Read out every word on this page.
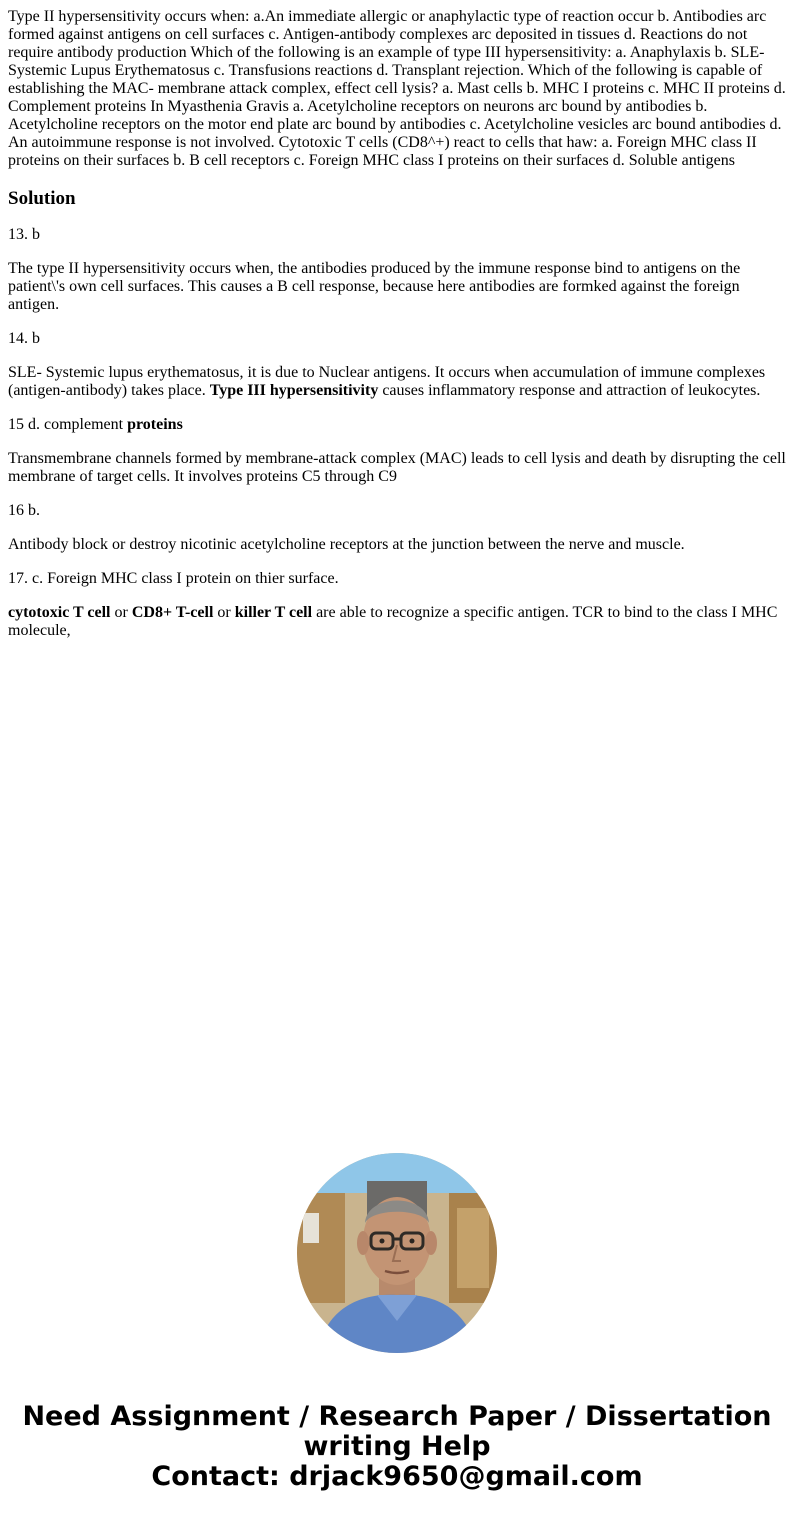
Type II hypersensitivity occurs when: a.An immediate allergic or anaphylactic type of reaction occur b. Antibodies arc formed against antigens on cell surfaces c. Antigen-antibody complexes arc deposited in tissues d. Reactions do not require antibody production Which of the following is an example of type III hypersensitivity: a. Anaphylaxis b. SLE-Systemic Lupus Erythematosus c. Transfusions reactions d. Transplant rejection. Which of the following is capable of establishing the MAC- membrane attack complex, effect cell lysis? a. Mast cells b. MHC I proteins c. MHC II proteins d. Complement proteins In Myasthenia Gravis a. Acetylcholine receptors on neurons arc bound by antibodies b. Acetylcholine receptors on the motor end plate arc bound by antibodies c. Acetylcholine vesicles arc bound antibodies d. An autoimmune response is not involved. Cytotoxic T cells (CD8^+) react to cells that haw: a. Foreign MHC class II proteins on their surfaces b. B cell receptors c. Foreign MHC class I proteins on their surfaces d. Soluble antigens

Solution

13. b

The type II hypersensitivity occurs when, the antibodies produced by the immune response bind to antigens on the patient\'s own cell surfaces. This causes a B cell response, because here antibodies are formked against the foreign antigen.

14. b

SLE- Systemic lupus erythematosus, it is due to Nuclear antigens. It occurs when accumulation of immune complexes (antigen-antibody) takes place. Type III hypersensitivity causes inflammatory response and attraction of leukocytes.

15 d. complement proteins

Transmembrane channels formed by membrane-attack complex (MAC) leads to cell lysis and death by disrupting the cell membrane of target cells. It involves proteins C5 through C9

16 b.

Antibody block or destroy nicotinic acetylcholine receptors at the junction between the nerve and muscle.

17. c. Foreign MHC class I protein on thier surface.

cytotoxic T cell or CD8+ T-cell or killer T cell are able to recognize a specific antigen. TCR to bind to the class I MHC molecule,

Need Assignment / Research Paper / Dissertation
writing Help
Contact: drjack9650@gmail.com
